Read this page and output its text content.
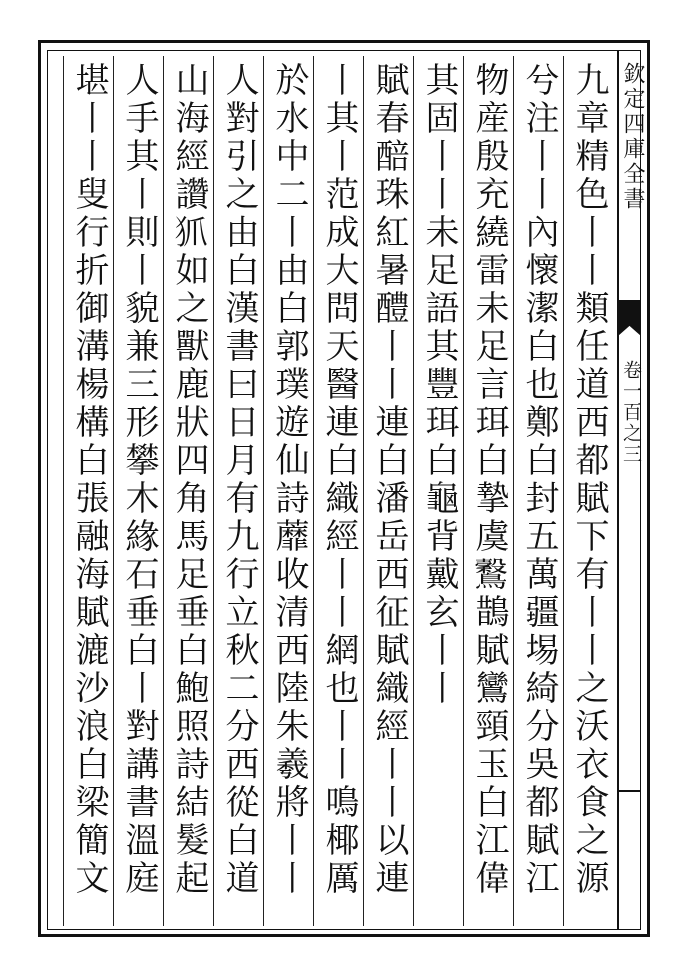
欽定四庫全書
卷一百之三
九章精色丨丨類任道西都賦下有丨丨之沃衣食之源
兮注丨丨內懷潔白也鄭白封五萬疆埸綺分吳都賦江
物産殷充繞雷未足言珥白摯虞𪇗鵲賦鸞頸玉白江偉
其固丨丨未足語其豐珥白龜背戴玄丨丨
賦春醅珠紅暑醴丨丨連白潘岳西征賦織經丨丨以連
丨其丨范成大問天醫連白織經丨丨網也丨丨鳴椰厲
於水中二丨由白郭璞遊仙詩蘼收清西陸朱羲將丨丨
人對引之由白漢書曰日月有九行立秋二分西從白道
山海經讚𤜶如之獸鹿狀四角馬足垂白鮑照詩結髮起
人手其丨則丨貌兼三形攀木緣石垂白丨對講書溫庭
堪丨丨叟行折御溝楊構白張融海賦漉沙浪白梁簡文
